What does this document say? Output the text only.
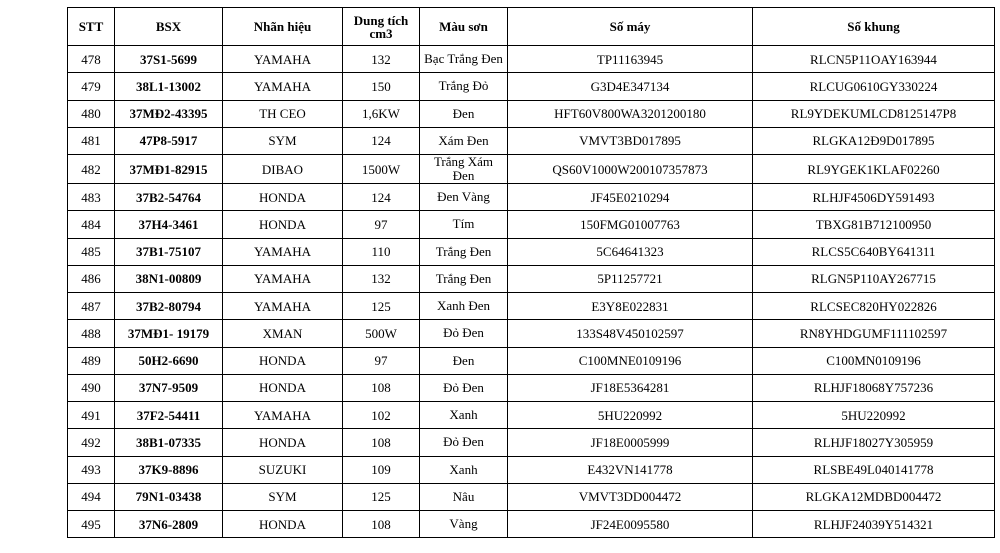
STT	BSX	Nhãn hiệu	Dung tích cm3	Màu sơn	Số máy	Số khung
478	37S1-5699	YAMAHA	132	Bạc Trắng Đen	TP11163945	RLCN5P11OAY163944
479	38L1-13002	YAMAHA	150	Trắng Đỏ	G3D4E347134	RLCUG0610GY330224
480	37MĐ2-43395	TH CEO	1,6KW	Đen	HFT60V800WA3201200180	RL9YDEKUMLCD8125147P8
481	47P8-5917	SYM	124	Xám Đen	VMVT3BD017895	RLGKA12Đ9D017895
482	37MĐ1-82915	DIBAO	1500W	Trắng Xám Đen	QS60V1000W200107357873	RL9YGEK1KLAF02260
483	37B2-54764	HONDA	124	Đen Vàng	JF45E0210294	RLHJF4506DY591493
484	37H4-3461	HONDA	97	Tím	150FMG01007763	TBXG81B712100950
485	37B1-75107	YAMAHA	110	Trắng Đen	5C64641323	RLCS5C640BY641311
486	38N1-00809	YAMAHA	132	Trắng Đen	5P11257721	RLGN5P110AY267715
487	37B2-80794	YAMAHA	125	Xanh Đen	E3Y8E022831	RLCSEC820HY022826
488	37MĐ1- 19179	XMAN	500W	Đỏ Đen	133S48V450102597	RN8YHDGUMF111102597
489	50H2-6690	HONDA	97	Đen	C100MNE0109196	C100MN0109196
490	37N7-9509	HONDA	108	Đỏ Đen	JF18E5364281	RLHJF18068Y757236
491	37F2-54411	YAMAHA	102	Xanh	5HU220992	5HU220992
492	38B1-07335	HONDA	108	Đỏ Đen	JF18E0005999	RLHJF18027Y305959
493	37K9-8896	SUZUKI	109	Xanh	E432VN141778	RLSBE49L040141778
494	79N1-03438	SYM	125	Nâu	VMVT3DD004472	RLGKA12MDBD004472
495	37N6-2809	HONDA	108	Vàng	JF24E0095580	RLHJF24039Y514321
